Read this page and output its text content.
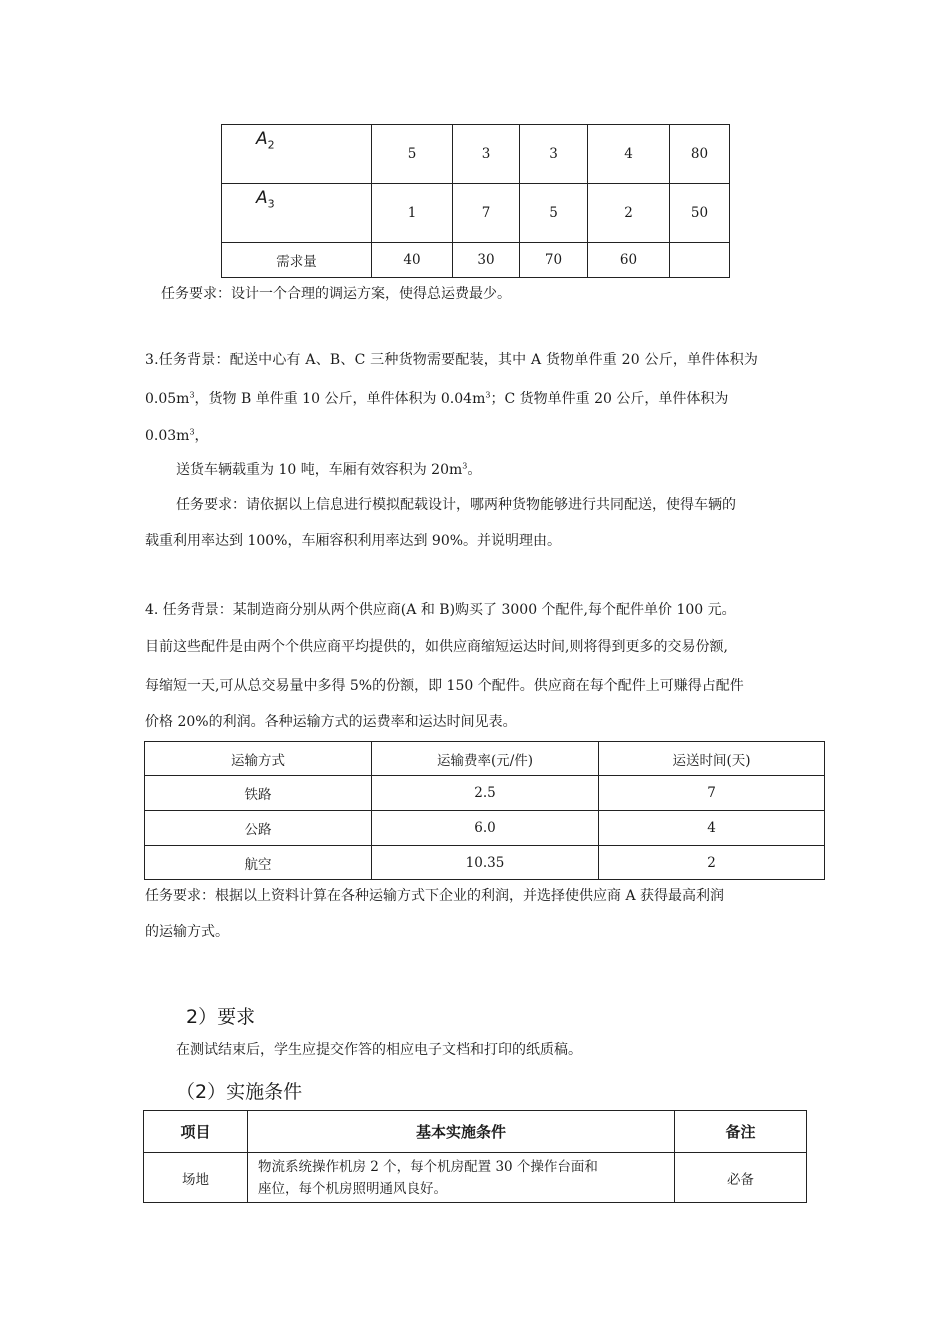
$A_2$	5	3	3	4	80
$A_3$	1	7	5	2	50
需求量	40	30	70	60	
任务要求：设计一个合理的调运方案，使得总运费最少。
3.任务背景：配送中心有 A、B、C 三种货物需要配装，其中 A 货物单件重 20 公斤，单件体积为
$0.05m^3$，货物 B 单件重 10 公斤，单件体积为 $0.04m^3$；C 货物单件重 20 公斤，单件体积为
$0.03m^3$，
送货车辆载重为 10 吨，车厢有效容积为 $20m^3$。
任务要求：请依据以上信息进行模拟配载设计，哪两种货物能够进行共同配送，使得车辆的
载重利用率达到 100%，车厢容积利用率达到 90%。并说明理由。
4. 任务背景：某制造商分别从两个供应商(A 和 B)购买了 3000 个配件,每个配件单价 100 元。
目前这些配件是由两个个供应商平均提供的，如供应商缩短运达时间,则将得到更多的交易份额,
每缩短一天,可从总交易量中多得 5%的份额，即 150 个配件。供应商在每个配件上可赚得占配件
价格 20%的利润。各种运输方式的运费率和运达时间见表。
运输方式	运输费率(元/件)	运送时间(天)
铁路	2.5	7
公路	6.0	4
航空	10.35	2
任务要求：根据以上资料计算在各种运输方式下企业的利润，并选择使供应商 A 获得最高利润
的运输方式。
2）要求
在测试结束后，学生应提交作答的相应电子文档和打印的纸质稿。
（2）实施条件
项目	基本实施条件	备注
场地	物流系统操作机房 2 个，每个机房配置 30 个操作台面和
座位，每个机房照明通风良好。	必备
